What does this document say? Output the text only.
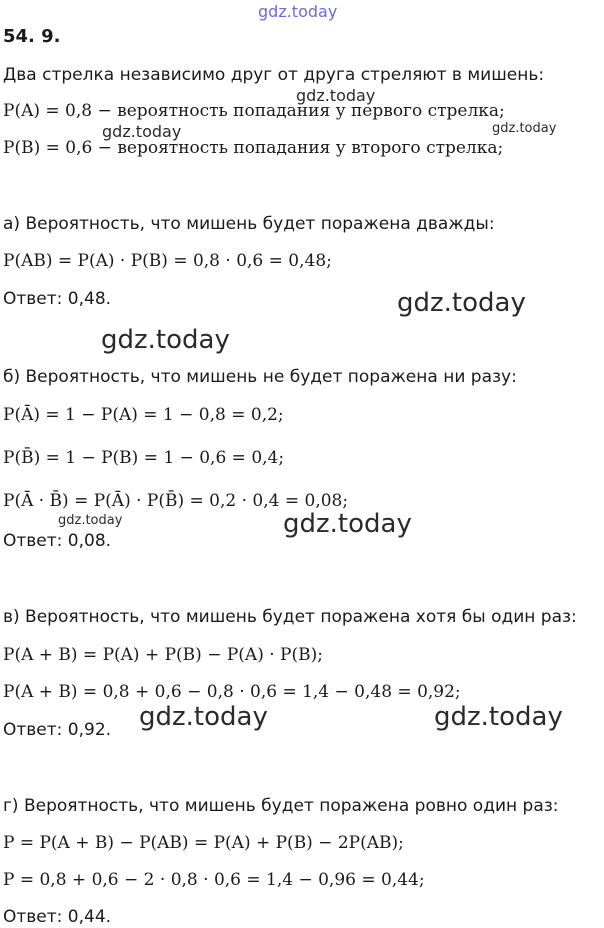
gdz.today
gdz.today
gdz.today	gdz.today
gdz.today
gdz.today
gdz.today	gdz.today
gdz.today	gdz.today
54. 9.
Два стрелка независимо друг от друга стреляют в мишень:
P(A) = 0,8 − вероятность попадания у первого стрелка;
P(B) = 0,6 − вероятность попадания у второго стрелка;
а) Вероятность, что мишень будет поражена дважды:
P(AB) = P(A) · P(B) = 0,8 · 0,6 = 0,48;
Ответ: 0,48.
б) Вероятность, что мишень не будет поражена ни разу:
P(Ā) = 1 − P(A) = 1 − 0,8 = 0,2;
P(B̄) = 1 − P(B) = 1 − 0,6 = 0,4;
P(Ā · B̄) = P(Ā) · P(B̄) = 0,2 · 0,4 = 0,08;
Ответ: 0,08.
в) Вероятность, что мишень будет поражена хотя бы один раз:
P(A + B) = P(A) + P(B) − P(A) · P(B);
P(A + B) = 0,8 + 0,6 − 0,8 · 0,6 = 1,4 − 0,48 = 0,92;
Ответ: 0,92.
г) Вероятность, что мишень будет поражена ровно один раз:
P = P(A + B) − P(AB) = P(A) + P(B) − 2P(AB);
P = 0,8 + 0,6 − 2 · 0,8 · 0,6 = 1,4 − 0,96 = 0,44;
Ответ: 0,44.
